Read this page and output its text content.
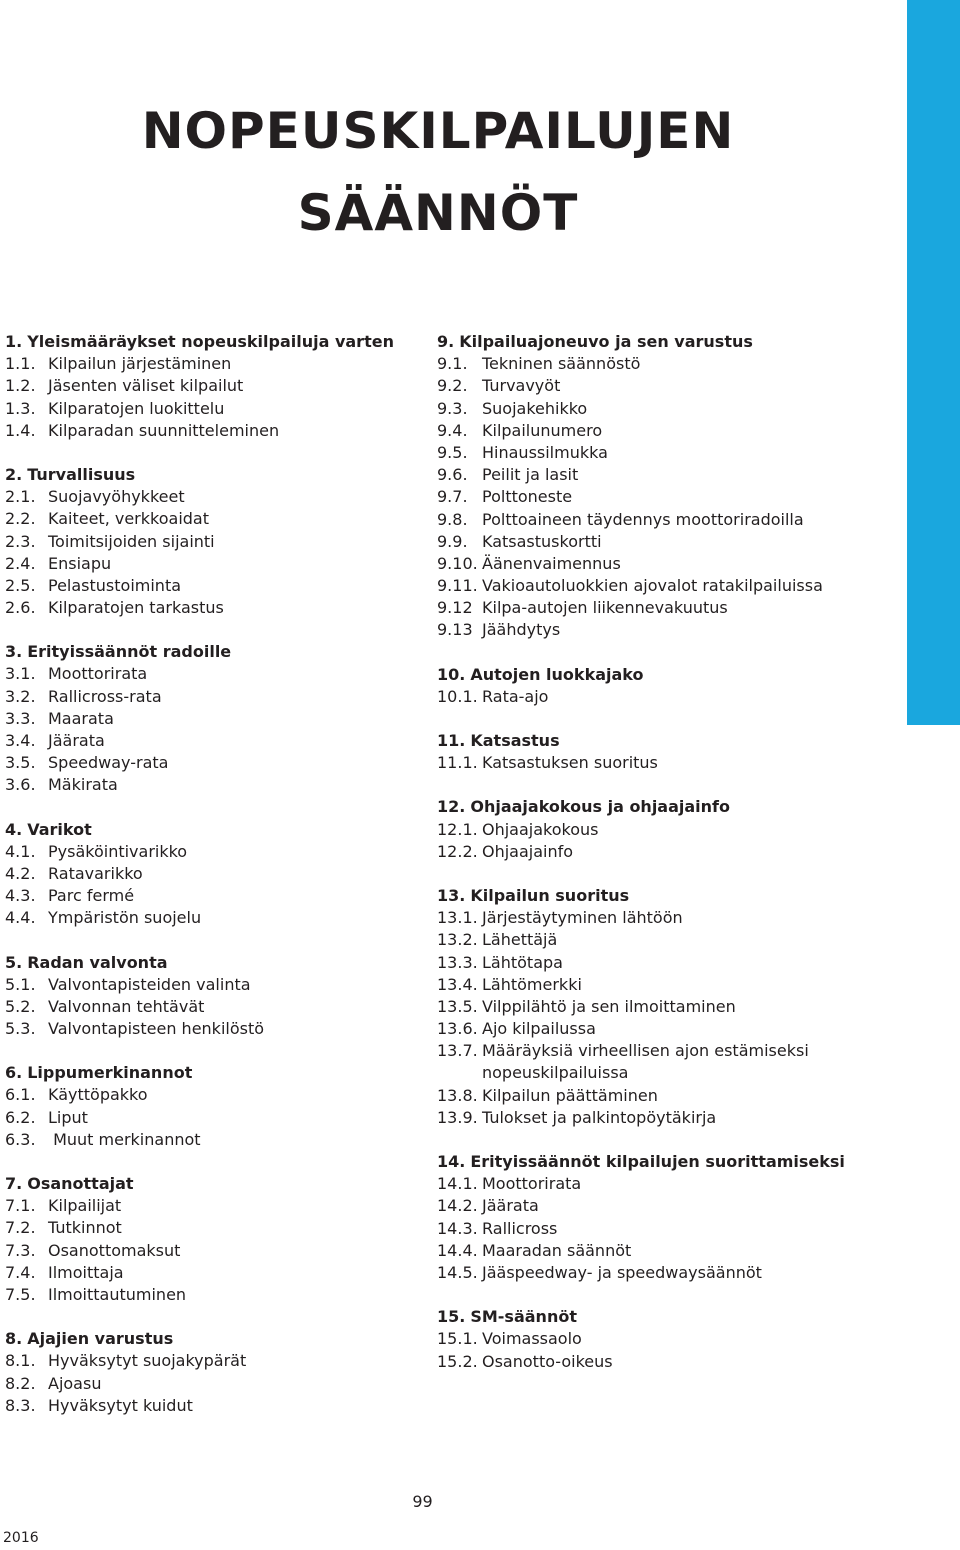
NOPEUSKILPAILUJEN
SÄÄNNÖT
1. Yleismääräykset nopeuskilpailuja varten
1.1. Kilpailun järjestäminen
1.2. Jäsenten väliset kilpailut
1.3. Kilparatojen luokittelu
1.4. Kilparadan suunnitteleminen
2. Turvallisuus
2.1. Suojavyöhykkeet
2.2. Kaiteet, verkkoaidat
2.3. Toimitsijoiden sijainti
2.4. Ensiapu
2.5. Pelastustoiminta
2.6. Kilparatojen tarkastus
3. Erityissäännöt radoille
3.1. Moottorirata
3.2. Rallicross-rata
3.3. Maarata
3.4. Jäärata
3.5. Speedway-rata
3.6. Mäkirata
4. Varikot
4.1. Pysäköintivarikko
4.2. Ratavarikko
4.3. Parc fermé
4.4. Ympäristön suojelu
5. Radan valvonta
5.1. Valvontapisteiden valinta
5.2. Valvonnan tehtävät
5.3. Valvontapisteen henkilöstö
6. Lippumerkinannot
6.1. Käyttöpakko
6.2. Liput
6.3. Muut merkinannot
7. Osanottajat
7.1. Kilpailijat
7.2. Tutkinnot
7.3. Osanottomaksut
7.4. Ilmoittaja
7.5. Ilmoittautuminen
8. Ajajien varustus
8.1. Hyväksytyt suojakypärät
8.2. Ajoasu
8.3. Hyväksytyt kuidut
9. Kilpailuajoneuvo ja sen varustus
9.1. Tekninen säännöstö
9.2. Turvavyöt
9.3. Suojakehikko
9.4. Kilpailunumero
9.5. Hinaussilmukka
9.6. Peilit ja lasit
9.7. Polttoneste
9.8. Polttoaineen täydennys moottoriradoilla
9.9. Katsastuskortti
9.10. Äänenvaimennus
9.11. Vakioautoluokkien ajovalot ratakilpailuissa
9.12 Kilpa-autojen liikennevakuutus
9.13 Jäähdytys
10. Autojen luokkajako
10.1. Rata-ajo
11. Katsastus
11.1. Katsastuksen suoritus
12. Ohjaajakokous ja ohjaajainfo
12.1. Ohjaajakokous
12.2. Ohjaajainfo
13. Kilpailun suoritus
13.1. Järjestäytyminen lähtöön
13.2. Lähettäjä
13.3. Lähtötapa
13.4. Lähtömerkki
13.5. Vilppilähtö ja sen ilmoittaminen
13.6. Ajo kilpailussa
13.7. Määräyksiä virheellisen ajon estämiseksi
nopeuskilpailuissa
13.8. Kilpailun päättäminen
13.9. Tulokset ja palkintopöytäkirja
14. Erityissäännöt kilpailujen suorittamiseksi
14.1. Moottorirata
14.2. Jäärata
14.3. Rallicross
14.4. Maaradan säännöt
14.5. Jääspeedway- ja speedwaysäännöt
15. SM-säännöt
15.1. Voimassaolo
15.2. Osanotto-oikeus
99
2016
